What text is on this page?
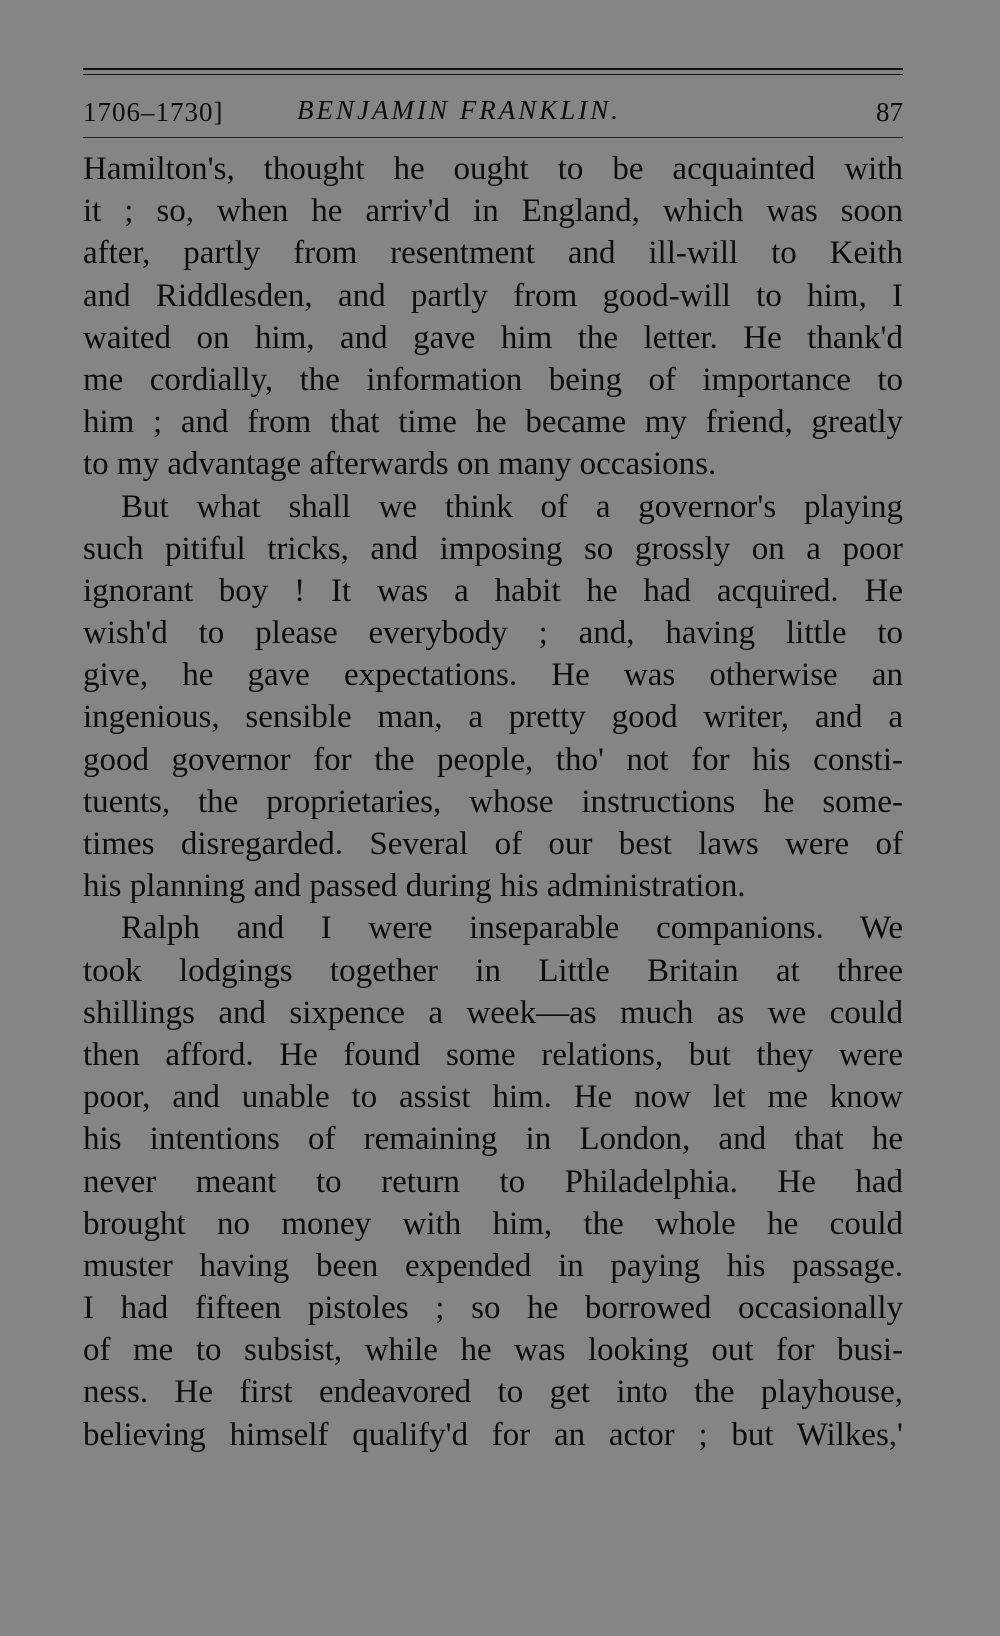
1706–1730]	BENJAMIN FRANKLIN.	87
Hamilton's, thought he ought to be acquainted with
it ; so, when he arriv'd in England, which was soon
after, partly from resentment and ill-will to Keith
and Riddlesden, and partly from good-will to him, I
waited on him, and gave him the letter. He thank'd
me cordially, the information being of importance to
him ; and from that time he became my friend, greatly
to my advantage afterwards on many occasions.
But what shall we think of a governor's playing
such pitiful tricks, and imposing so grossly on a poor
ignorant boy ! It was a habit he had acquired. He
wish'd to please everybody ; and, having little to
give, he gave expectations. He was otherwise an
ingenious, sensible man, a pretty good writer, and a
good governor for the people, tho' not for his consti-
tuents, the proprietaries, whose instructions he some-
times disregarded. Several of our best laws were of
his planning and passed during his administration.
Ralph and I were inseparable companions. We
took lodgings together in Little Britain at three
shillings and sixpence a week—as much as we could
then afford. He found some relations, but they were
poor, and unable to assist him. He now let me know
his intentions of remaining in London, and that he
never meant to return to Philadelphia. He had
brought no money with him, the whole he could
muster having been expended in paying his passage.
I had fifteen pistoles ; so he borrowed occasionally
of me to subsist, while he was looking out for busi-
ness. He first endeavored to get into the playhouse,
believing himself qualify'd for an actor ; but Wilkes,'
